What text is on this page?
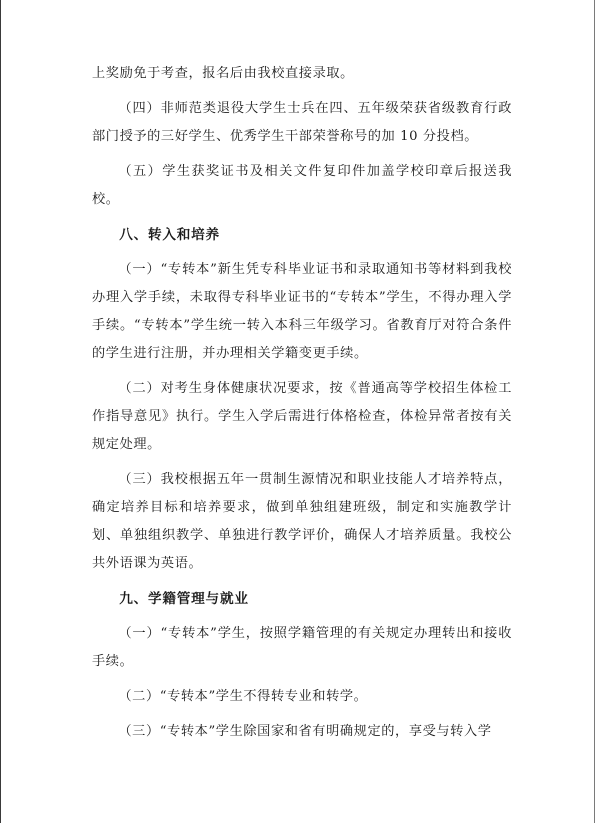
上奖励免于考查，报名后由我校直接录取。

（四）非师范类退役大学生士兵在四、五年级荣获省级教育行政部门授予的三好学生、优秀学生干部荣誉称号的加 10 分投档。

（五）学生获奖证书及相关文件复印件加盖学校印章后报送我校。

八、转入和培养

（一）“专转本”新生凭专科毕业证书和录取通知书等材料到我校办理入学手续，未取得专科毕业证书的“专转本”学生，不得办理入学手续。“专转本”学生统一转入本科三年级学习。省教育厅对符合条件的学生进行注册，并办理相关学籍变更手续。

（二）对考生身体健康状况要求，按《普通高等学校招生体检工作指导意见》执行。学生入学后需进行体格检查，体检异常者按有关规定处理。

（三）我校根据五年一贯制生源情况和职业技能人才培养特点，确定培养目标和培养要求，做到单独组建班级，制定和实施教学计划、单独组织教学、单独进行教学评价，确保人才培养质量。我校公共外语课为英语。

九、学籍管理与就业

（一）“专转本”学生，按照学籍管理的有关规定办理转出和接收手续。

（二）“专转本”学生不得转专业和转学。

（三）“专转本”学生除国家和省有明确规定的，享受与转入学
